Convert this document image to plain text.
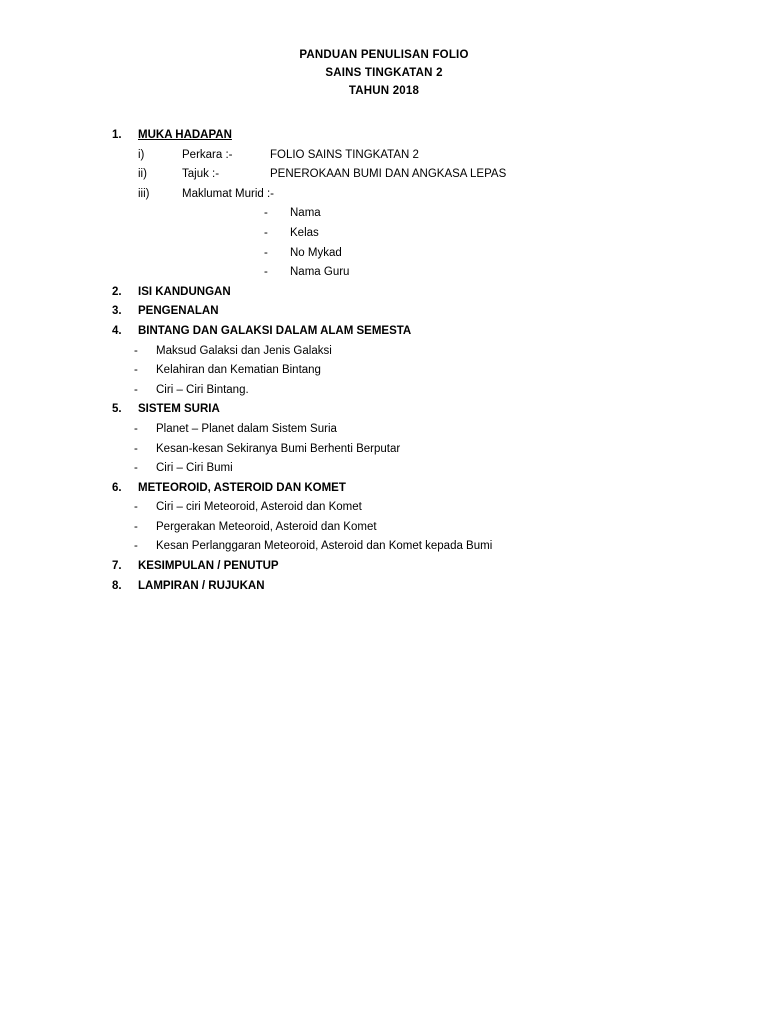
PANDUAN PENULISAN FOLIO
SAINS TINGKATAN 2
TAHUN 2018
1.	MUKA HADAPAN
i)	Perkara :-	FOLIO SAINS TINGKATAN 2
ii)	Tajuk :-	PENEROKAAN BUMI DAN ANGKASA LEPAS
iii)	Maklumat Murid :-
-	Nama
-	Kelas
-	No Mykad
-	Nama Guru
2.	ISI KANDUNGAN
3.	PENGENALAN
4.	BINTANG DAN GALAKSI DALAM ALAM SEMESTA
-	Maksud Galaksi dan Jenis Galaksi
-	Kelahiran dan Kematian Bintang
-	Ciri – Ciri Bintang.
5.	SISTEM SURIA
-	Planet – Planet dalam Sistem Suria
-	Kesan-kesan Sekiranya Bumi Berhenti Berputar
-	Ciri – Ciri Bumi
6.	METEOROID, ASTEROID DAN KOMET
-	Ciri – ciri Meteoroid, Asteroid dan Komet
-	Pergerakan Meteoroid, Asteroid dan Komet
-	Kesan Perlanggaran Meteoroid, Asteroid dan Komet kepada Bumi
7.	KESIMPULAN / PENUTUP
8.	LAMPIRAN / RUJUKAN
